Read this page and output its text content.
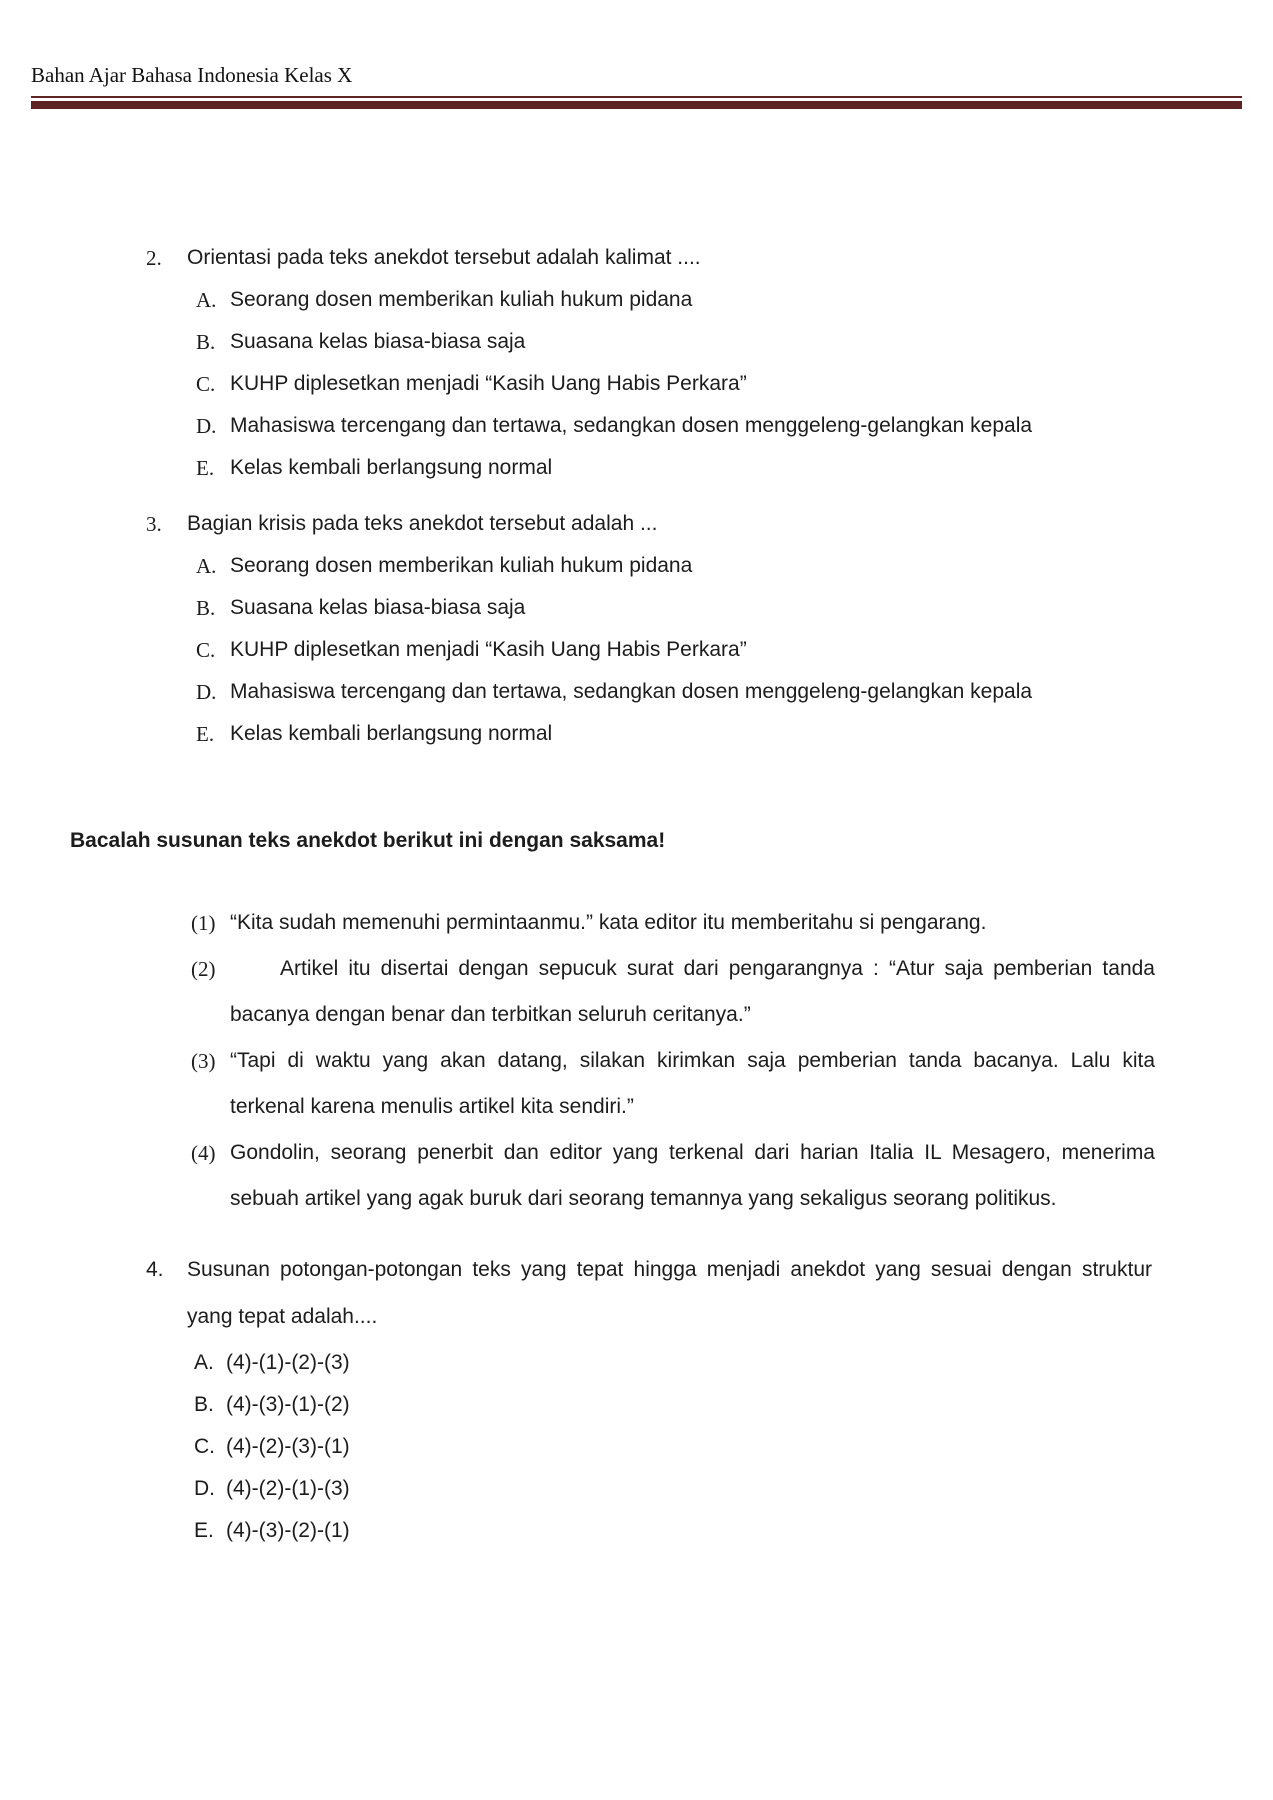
Bahan Ajar Bahasa Indonesia Kelas X
2.	Orientasi pada teks anekdot tersebut adalah kalimat ....
A. Seorang dosen memberikan kuliah hukum pidana
B. Suasana kelas biasa-biasa saja
C. KUHP diplesetkan menjadi “Kasih Uang Habis Perkara”
D. Mahasiswa tercengang dan tertawa, sedangkan dosen menggeleng-gelangkan kepala
E. Kelas kembali berlangsung normal
3.	Bagian krisis pada teks anekdot tersebut adalah ...
A. Seorang dosen memberikan kuliah hukum pidana
B. Suasana kelas biasa-biasa saja
C. KUHP diplesetkan menjadi “Kasih Uang Habis Perkara”
D. Mahasiswa tercengang dan tertawa, sedangkan dosen menggeleng-gelangkan kepala
E. Kelas kembali berlangsung normal
Bacalah susunan teks anekdot berikut ini dengan saksama!
(1) “Kita sudah memenuhi permintaanmu.” kata editor itu memberitahu si pengarang.
(2)	Artikel itu disertai dengan sepucuk surat dari pengarangnya : “Atur saja pemberian tanda bacanya dengan benar dan terbitkan seluruh ceritanya.”
(3) “Tapi di waktu yang akan datang, silakan kirimkan saja pemberian tanda bacanya. Lalu kita terkenal karena menulis artikel kita sendiri.”
(4) Gondolin, seorang penerbit dan editor yang terkenal dari harian Italia IL Mesagero, menerima sebuah artikel yang agak buruk dari seorang temannya yang sekaligus seorang politikus.
4.	Susunan potongan-potongan teks yang tepat hingga menjadi anekdot yang sesuai dengan struktur yang tepat adalah....
A. (4)-(1)-(2)-(3)
B. (4)-(3)-(1)-(2)
C. (4)-(2)-(3)-(1)
D. (4)-(2)-(1)-(3)
E. (4)-(3)-(2)-(1)
